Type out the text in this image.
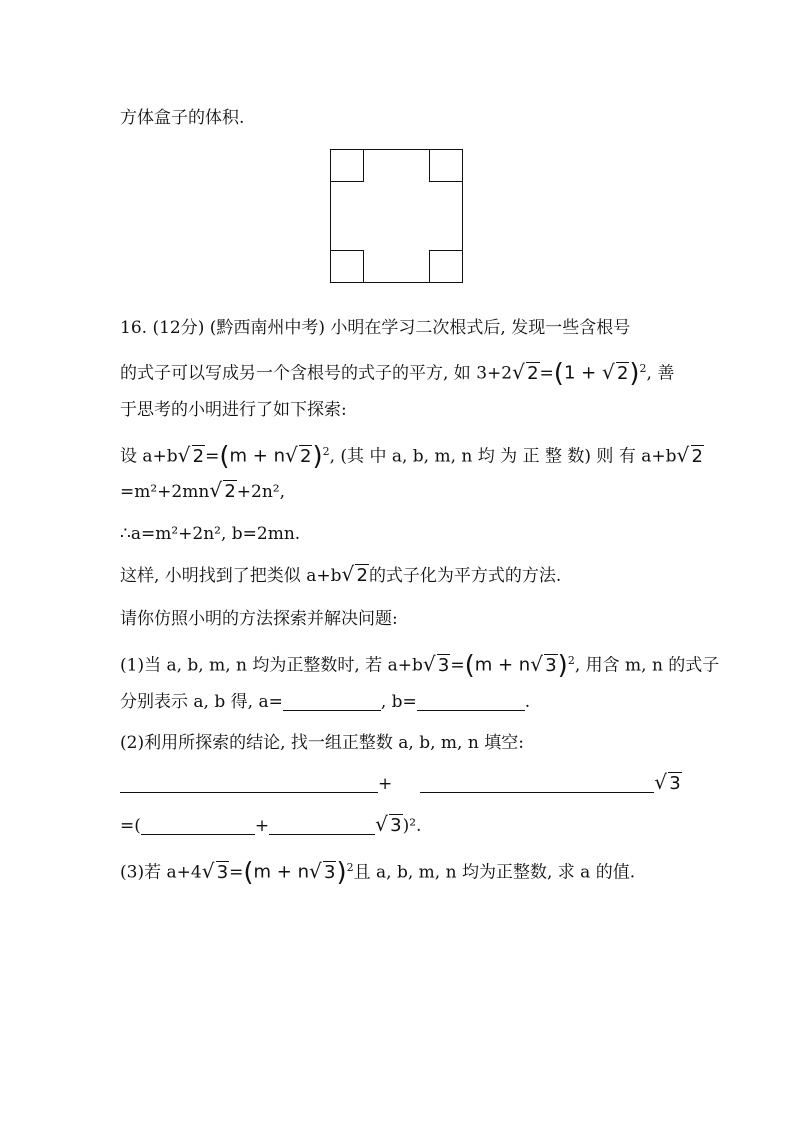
方体盒子的体积.
16. (12分) (黔西南州中考) 小明在学习二次根式后, 发现一些含根号
的式子可以写成另一个含根号的式子的平方, 如 3+2 √ 2=(1 + √ 2)$^2$, 善
于思考的小明进行了如下探索:
设 a+b √ 2=(m + n √ 2)$^2$, (其 中 a, b, m, n 均 为 正 整 数) 则 有 a+b √ 2
=m²+2mn √ 2+2n²,
∴a=m²+2n², b=2mn.
这样, 小明找到了把类似 a+b √ 2的式子化为平方式的方法.
请你仿照小明的方法探索并解决问题:
(1)当 a, b, m, n 均为正整数时, 若 a+b √ 3=(m + n √ 3)$^2$, 用含 m, n 的式子
分别表示 a, b 得, a=	, b=	.
(2)利用所探索的结论, 找一组正整数 a, b, m, n 填空:
+	√ 3
=(	+	√ 3)².
(3)若 a+4 √ 3=(m + n √ 3)$^2$且 a, b, m, n 均为正整数, 求 a 的值.
